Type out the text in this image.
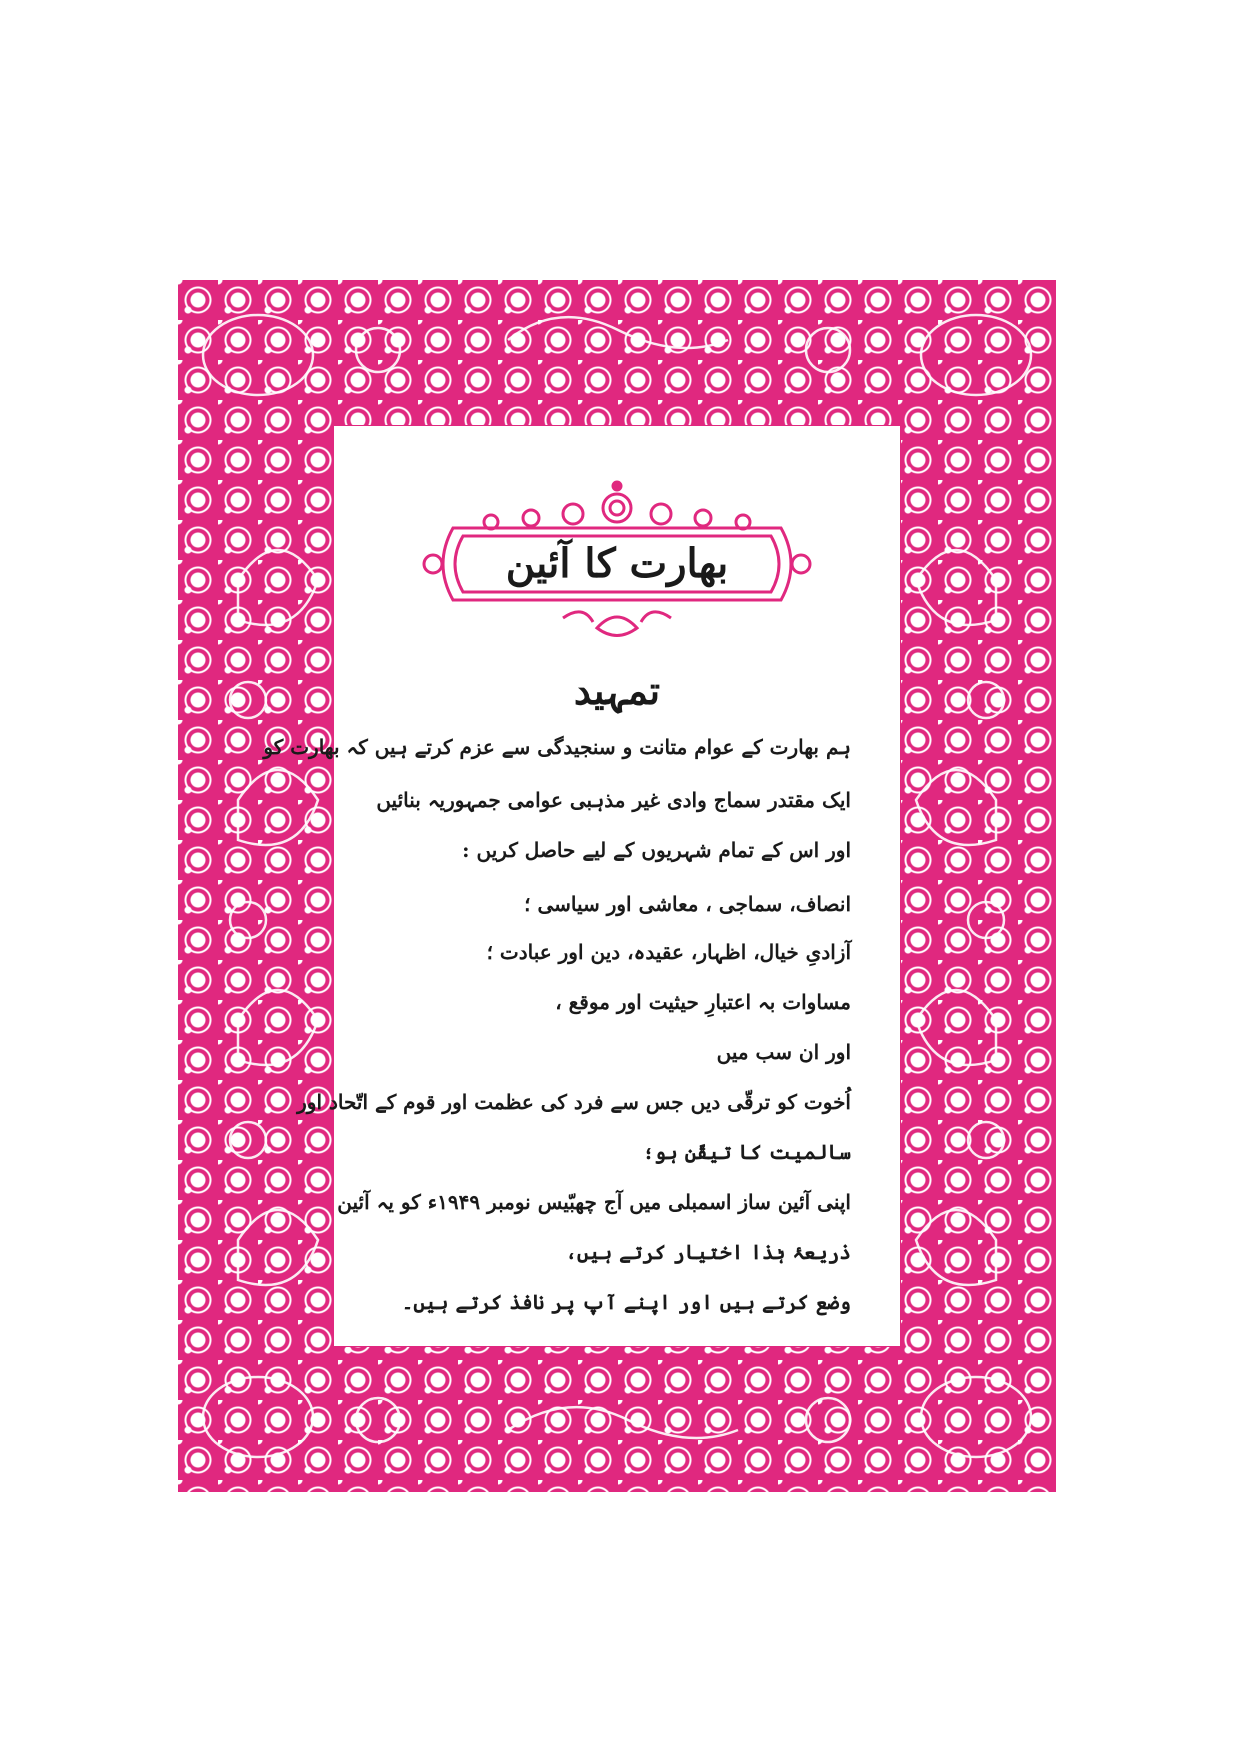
بھارت کا آئین
تمہید
ہم بھارت کے عوام متانت و سنجیدگی سے عزم کرتے ہیں کہ بھارت کو
ایک مقتدر سماج وادی غیر مذہبی عوامی جمہوریہ بنائیں
اور اس کے تمام شہریوں کے لیے حاصل کریں :
انصاف، سماجی ، معاشی اور سیاسی ؛
آزادیِ خیال، اظہار، عقیدہ، دین اور عبادت ؛
مساوات بہ اعتبارِ حیثیت اور موقع ،
اور ان سب میں
اُخوت کو ترقّی دیں جس سے فرد کی عظمت اور قوم کے اتّحاد اور
سالمیت کا تیقّن ہو؛
اپنی آئین ساز اسمبلی میں آج چھبّیس نومبر ۱۹۴۹ء کو یہ آئین
ذریعۂ ہٰذا اختیار کرتے ہیں،
وضع کرتے ہیں اور اپنے آپ پر نافذ کرتے ہیں۔
